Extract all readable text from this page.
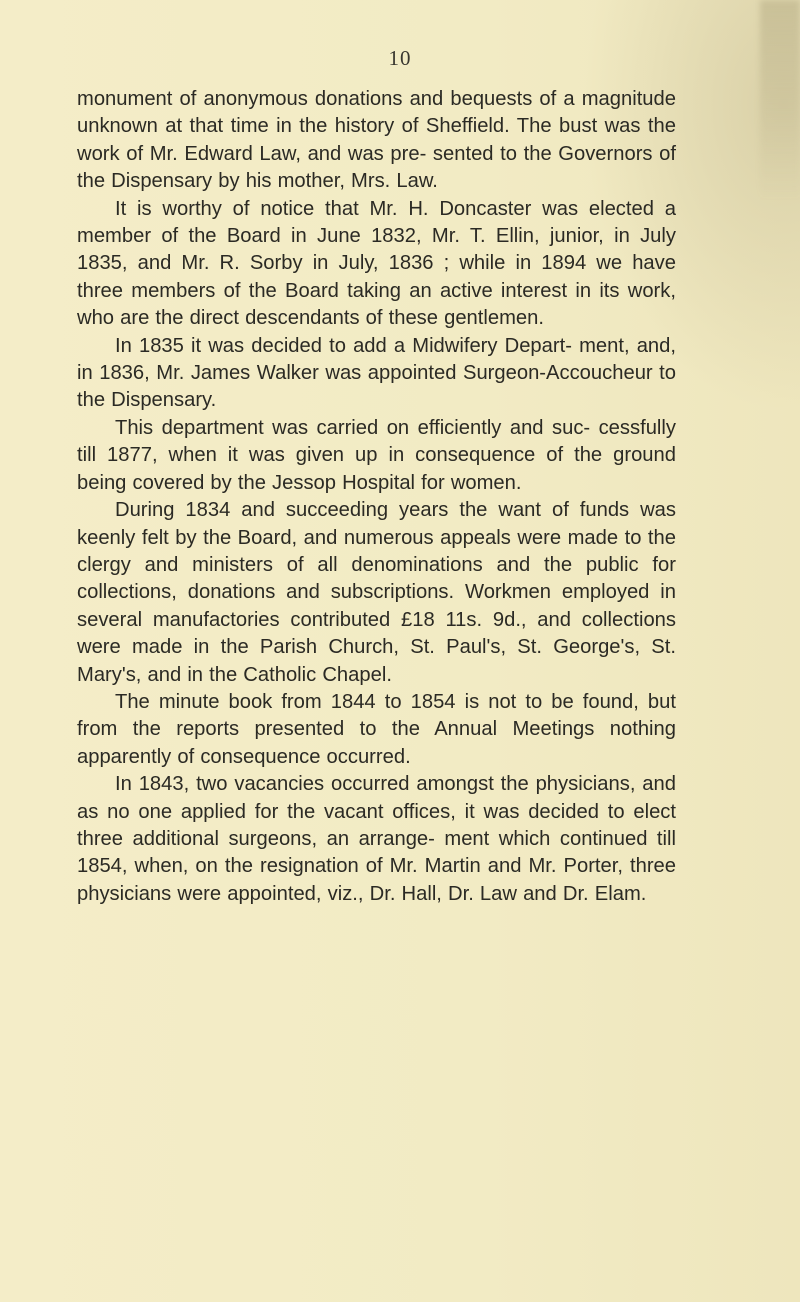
10

monument of anonymous donations and bequests of a magnitude unknown at that time in the history of Sheffield. The bust was the work of Mr. Edward Law, and was pre- sented to the Governors of the Dispensary by his mother, Mrs. Law.

It is worthy of notice that Mr. H. Doncaster was elected a member of the Board in June 1832, Mr. T. Ellin, junior, in July 1835, and Mr. R. Sorby in July, 1836 ; while in 1894 we have three members of the Board taking an active interest in its work, who are the direct descendants of these gentlemen.

In 1835 it was decided to add a Midwifery Depart- ment, and, in 1836, Mr. James Walker was appointed Surgeon-Accoucheur to the Dispensary.

This department was carried on efficiently and suc- cessfully till 1877, when it was given up in consequence of the ground being covered by the Jessop Hospital for women.

During 1834 and succeeding years the want of funds was keenly felt by the Board, and numerous appeals were made to the clergy and ministers of all denominations and the public for collections, donations and subscriptions. Workmen employed in several manufactories contributed £18 11s. 9d., and collections were made in the Parish Church, St. Paul's, St. George's, St. Mary's, and in the Catholic Chapel.

The minute book from 1844 to 1854 is not to be found, but from the reports presented to the Annual Meetings nothing apparently of consequence occurred.

In 1843, two vacancies occurred amongst the physicians, and as no one applied for the vacant offices, it was decided to elect three additional surgeons, an arrange- ment which continued till 1854, when, on the resignation of Mr. Martin and Mr. Porter, three physicians were appointed, viz., Dr. Hall, Dr. Law and Dr. Elam.
